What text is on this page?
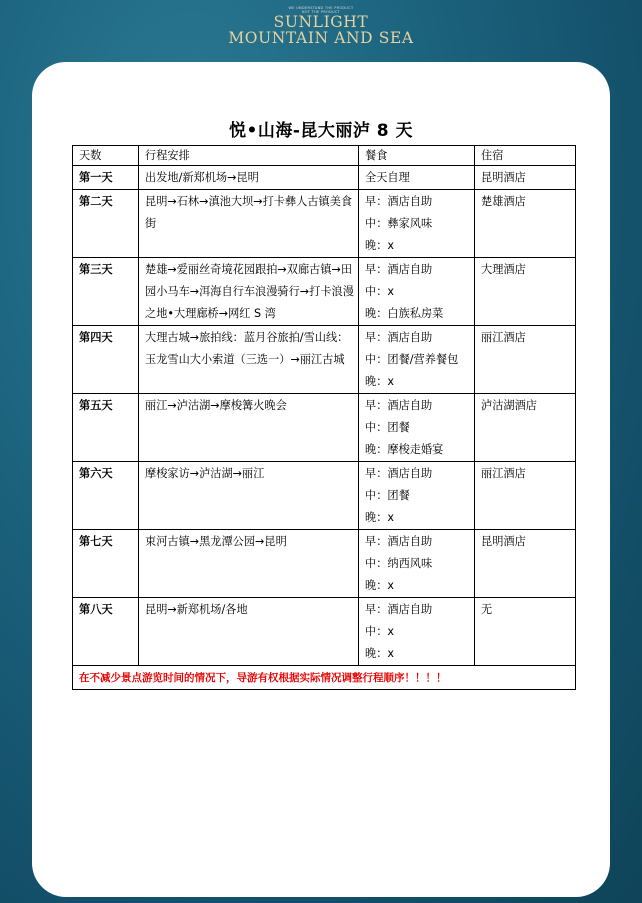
WE UNDERSTAND THE PRODUCT
NOT THE PRODUCT
SUNLIGHT
MOUNTAIN AND SEA
悦•山海-昆大丽泸 8 天
天数	行程安排	餐食	住宿
第一天	出发地/新郑机场→昆明	全天自理	昆明酒店
第二天	昆明→石林→滇池大坝→打卡彝人古镇美食街	早：酒店自助
中：彝家风味
晚：x	楚雄酒店
第三天	楚雄→爱丽丝奇境花园跟拍→双廊古镇→田园小马车→洱海自行车浪漫骑行→打卡浪漫之地•大理廊桥→网红 S 湾	早：酒店自助
中：x
晚：白族私房菜	大理酒店
第四天	大理古城→旅拍线：蓝月谷旅拍/雪山线：玉龙雪山大小索道（三选一）→丽江古城	早：酒店自助
中：团餐/营养餐包
晚：x	丽江酒店
第五天	丽江→泸沽湖→摩梭篝火晚会	早：酒店自助
中：团餐
晚：摩梭走婚宴	泸沽湖酒店
第六天	摩梭家访→泸沽湖→丽江	早：酒店自助
中：团餐
晚：x	丽江酒店
第七天	束河古镇→黑龙潭公园→昆明	早：酒店自助
中：纳西风味
晚：x	昆明酒店
第八天	昆明→新郑机场/各地	早：酒店自助
中：x
晚：x	无
在不减少景点游览时间的情况下，导游有权根据实际情况调整行程顺序！！！！			
